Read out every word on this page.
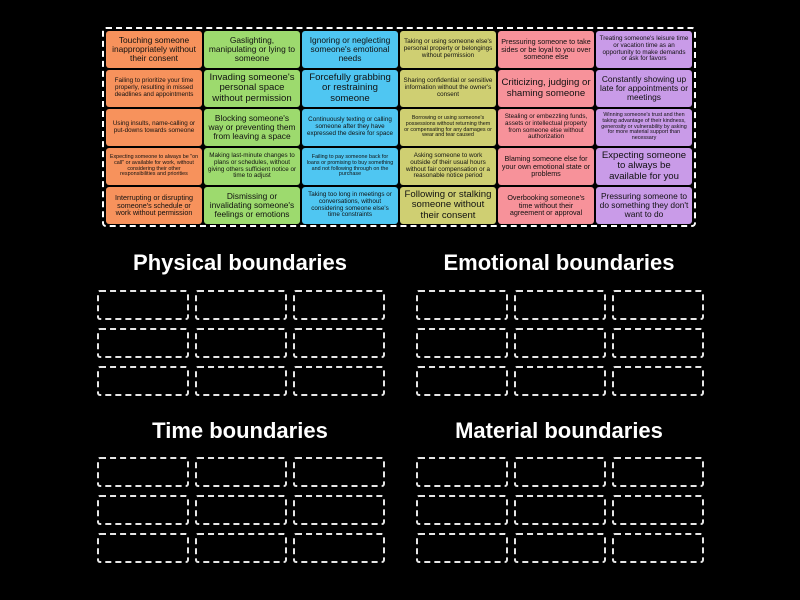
Touching someone inappropriately without their consent
Gaslighting, manipulating or lying to someone
Ignoring or neglecting someone's emotional needs
Taking or using someone else's personal property or belongings without permission
Pressuring someone to take sides or be loyal to you over someone else
Treating someone's leisure time or vacation time as an opportunity to make demands or ask for favors
Failing to prioritize your time properly, resulting in missed deadlines and appointments
Invading someone's personal space without permission
Forcefully grabbing or restraining someone
Sharing confidential or sensitive information without the owner's consent
Criticizing, judging or shaming someone
Constantly showing up late for appointments or meetings
Using insults, name-calling or put-downs towards someone
Blocking someone's way or preventing them from leaving a space
Continuously texting or calling someone after they have expressed the desire for space
Borrowing or using someone's possessions without returning them or compensating for any damages or wear and tear caused
Stealing or embezzling funds, assets or intellectual property from someone else without authorization
Winning someone's trust and then taking advantage of their kindness, generosity or vulnerability by asking for more material support than necessary
Expecting someone to always be "on call" or available for work, without considering their other responsibilities and priorities
Making last-minute changes to plans or schedules, without giving others sufficient notice or time to adjust
Failing to pay someone back for loans or promising to buy something and not following through on the purchase
Asking someone to work outside of their usual hours without fair compensation or a reasonable notice period
Blaming someone else for your own emotional state or problems
Expecting someone to always be available for you
Interrupting or disrupting someone's schedule or work without permission
Dismissing or invalidating someone's feelings or emotions
Taking too long in meetings or conversations, without considering someone else's time constraints
Following or stalking someone without their consent
Overbooking someone's time without their agreement or approval
Pressuring someone to do something they don't want to do
Physical boundaries	Emotional boundaries
Time boundaries	Material boundaries
